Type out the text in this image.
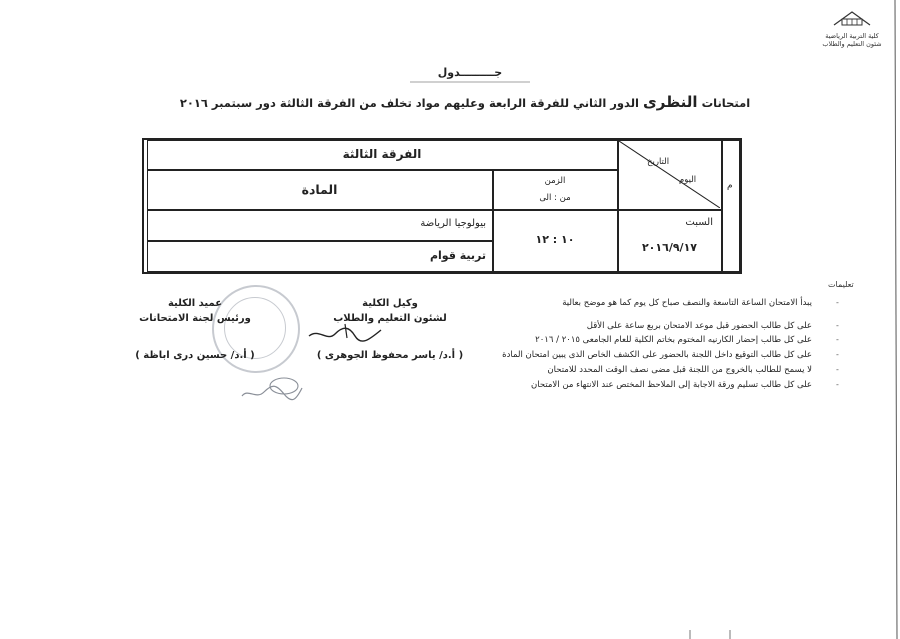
كلية التربية الرياضية
شئون التعليم والطلاب
جـــــــــدول
امتحانات النظرى الدور الثاني للفرقة الرابعة وعليهم مواد تخلف من الفرقة الثالثة دور سبتمبر ٢٠١٦
م
التاريخ
اليوم
الفرقة الثالثة
المادة
الزمن
من : الى
السبت
٢٠١٦/٩/١٧
١٠ : ١٢
بيولوجيا الرياضة
تربية قوام
تعليمات
يبدأ الامتحان الساعة التاسعة والنصف صباح كل يوم كما هو موضح بعالية
على كل طالب الحضور قبل موعد الامتحان بربع ساعة على الأقل
على كل طالب إحضار الكارنيه المختوم بخاتم الكلية للعام الجامعى ٢٠١٥ / ٢٠١٦
على كل طالب التوقيع داخل اللجنة بالحضور على الكشف الخاص الذى يبين امتحان المادة
لا يسمح للطالب بالخروج من اللجنة قبل مضى نصف الوقت المحدد للامتحان
على كل طالب تسليم ورقة الاجابة إلى الملاحظ المختص عند الانتهاء من الامتحان
-
-
-
-
-
-
وكيل الكلية
لشئون التعليم والطلاب
( أ.د/ ياسر محفوظ الجوهرى )
عميد الكلية
ورئيس لجنة الامتحانات
( أ.د/ حسين درى اباظة )
